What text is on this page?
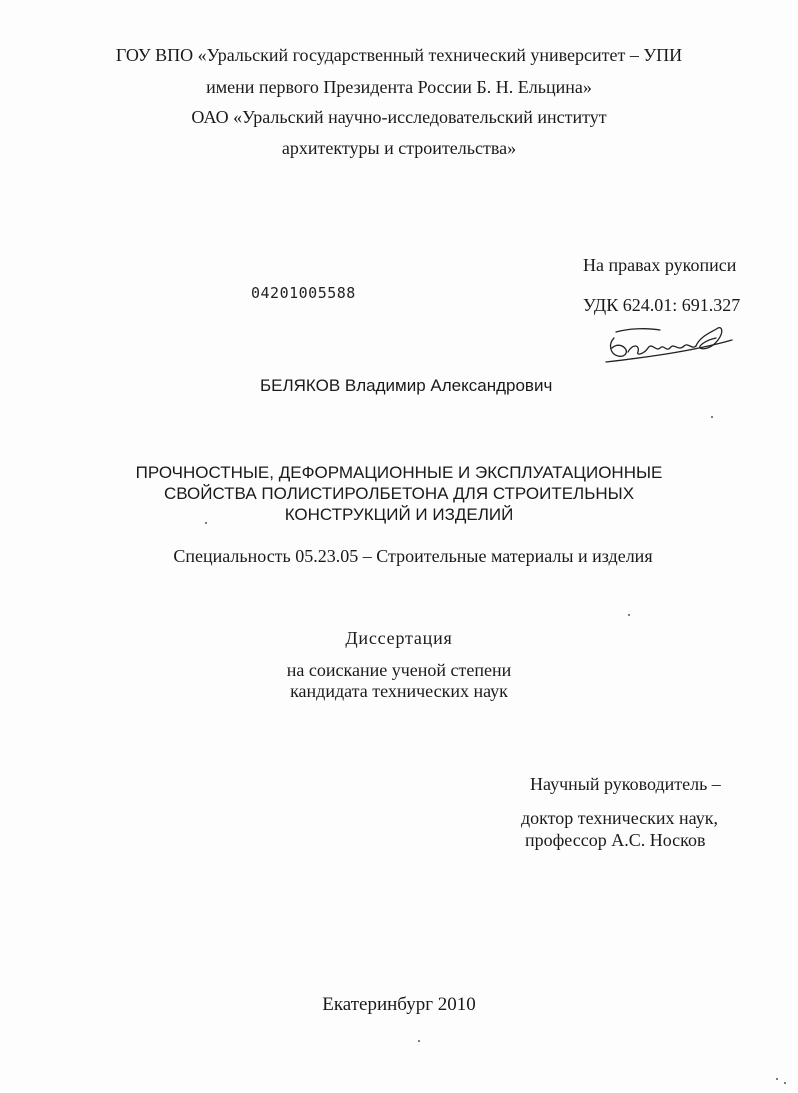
ГОУ ВПО «Уральский государственный технический университет – УПИ
имени первого Президента России Б. Н. Ельцина»
ОАО «Уральский научно-исследовательский институт
архитектуры и строительства»
На правах рукописи
УДК 624.01: 691.327
04201005588
БЕЛЯКОВ Владимир Александрович
ПРОЧНОСТНЫЕ, ДЕФОРМАЦИОННЫЕ И ЭКСПЛУАТАЦИОННЫЕ
СВОЙСТВА ПОЛИСТИРОЛБЕТОНА ДЛЯ СТРОИТЕЛЬНЫХ
КОНСТРУКЦИЙ И ИЗДЕЛИЙ
Специальность 05.23.05 – Строительные материалы и изделия
Диссертация
на соискание ученой степени
кандидата технических наук
Научный руководитель –
доктор технических наук,
профессор А.С. Носков
Екатеринбург 2010
